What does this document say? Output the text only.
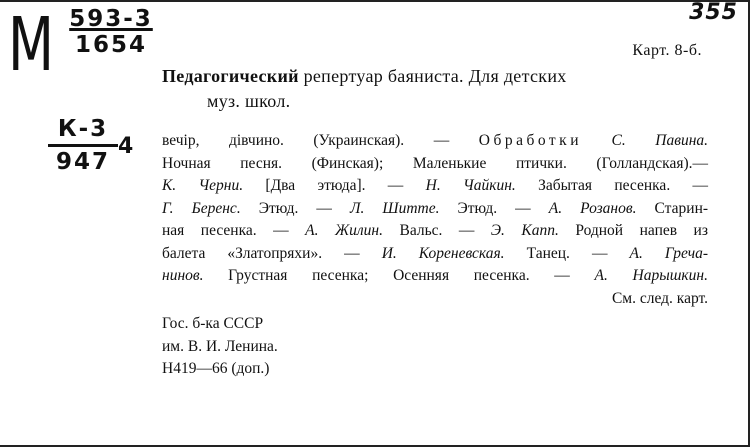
355
М $\frac{593-3}{1654}$
К-3
947
4
Карт. 8-б.
Педагогический репертуар баяниста. Для детских
муз. школ.
вечір, дівчино. (Украинская). — Обработки С. Павина.
Ночная песня. (Финская); Маленькие птички. (Голландская).—
К. Черни. [Два этюда]. — Н. Чайкин. Забытая песенка. —
Г. Беренс. Этюд. — Л. Шитте. Этюд. — А. Розанов. Старин-
ная песенка. — А. Жилин. Вальс. — Э. Капп. Родной напев из
балета «Златопряхи». — И. Кореневская. Танец. — А. Греча-
нинов. Грустная песенка; Осенняя песенка. — А. Нарышкин.
См. след. карт.
Гос. б-ка СССР
им. В. И. Ленина.
Н419—66 (доп.)
